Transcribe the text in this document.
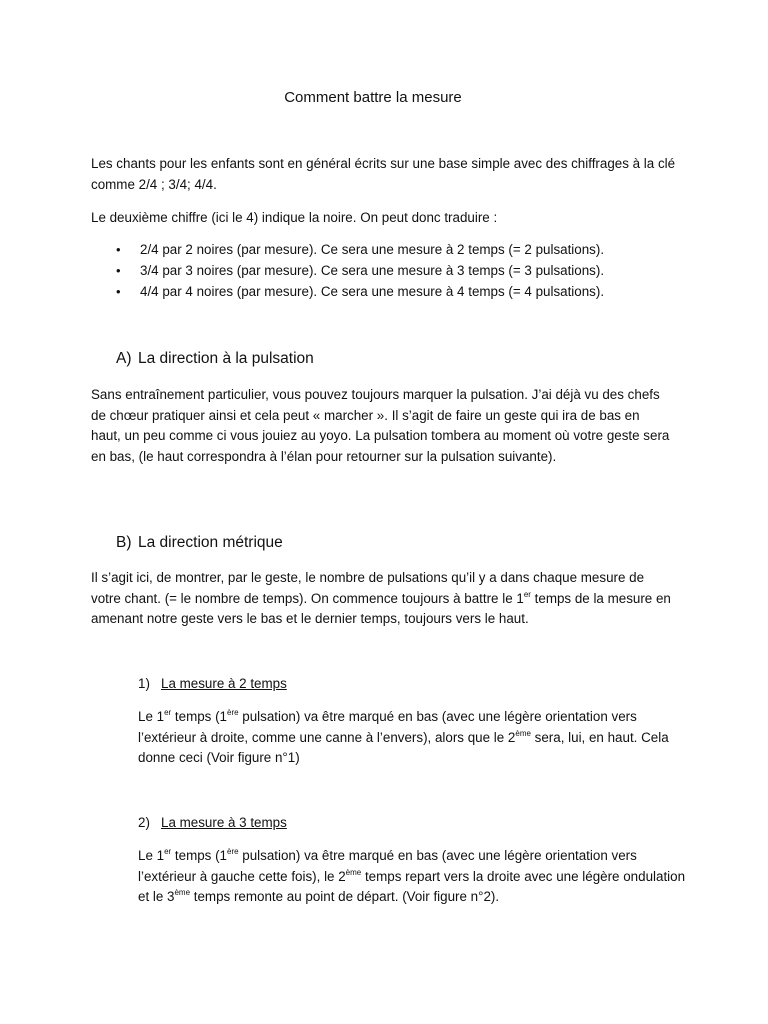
Comment battre la mesure

Les chants pour les enfants sont en général écrits sur une base simple avec des chiffrages à la clé comme 2/4 ; 3/4; 4/4.

Le deuxième chiffre (ici le 4) indique la noire. On peut donc traduire :

•	2/4 par 2 noires (par mesure). Ce sera une mesure à 2 temps (= 2 pulsations).
•	3/4 par 3 noires (par mesure). Ce sera une mesure à 3 temps (= 3 pulsations).
•	4/4 par 4 noires (par mesure). Ce sera une mesure à 4 temps (= 4 pulsations).
A) La direction à la pulsation

Sans entraînement particulier, vous pouvez toujours marquer la pulsation. J’ai déjà vu des chefs de chœur pratiquer ainsi et cela peut « marcher ». Il s’agit de faire un geste qui ira de bas en haut, un peu comme ci vous jouiez au yoyo. La pulsation tombera au moment où votre geste sera en bas, (le haut correspondra à l’élan pour retourner sur la pulsation suivante).

B) La direction métrique

Il s’agit ici, de montrer, par le geste, le nombre de pulsations qu’il y a dans chaque mesure de votre chant. (= le nombre de temps). On commence toujours à battre le 1er temps de la mesure en amenant notre geste vers le bas et le dernier temps, toujours vers le haut.

1) La mesure à 2 temps

Le 1er temps (1ère pulsation) va être marqué en bas (avec une légère orientation vers l’extérieur à droite, comme une canne à l’envers), alors que le 2ème sera, lui, en haut. Cela donne ceci (Voir figure n°1)

2) La mesure à 3 temps

Le 1er temps (1ère pulsation) va être marqué en bas (avec une légère orientation vers l’extérieur à gauche cette fois), le 2ème temps repart vers la droite avec une légère ondulation et le 3ème temps remonte au point de départ. (Voir figure n°2).
